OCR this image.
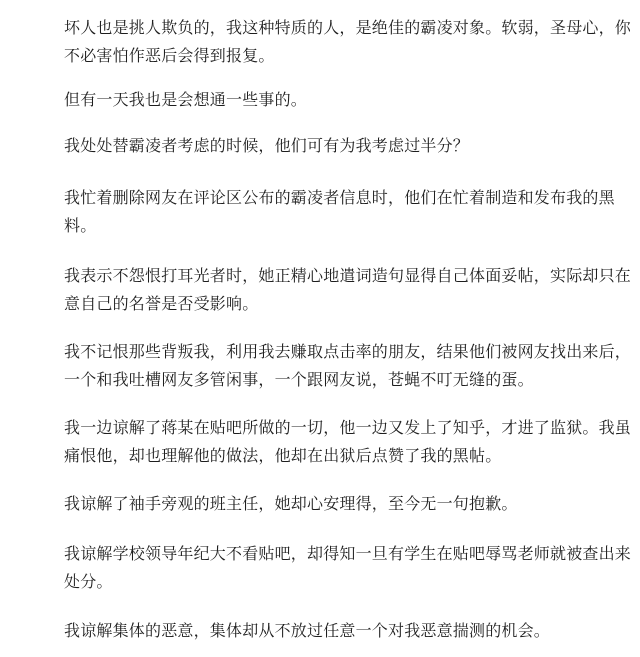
坏人也是挑人欺负的，我这种特质的人，是绝佳的霸凌对象。软弱，圣母心，你
不必害怕作恶后会得到报复。

但有一天我也是会想通一些事的。

我处处替霸凌者考虑的时候，他们可有为我考虑过半分？

我忙着删除网友在评论区公布的霸凌者信息时，他们在忙着制造和发布我的黑
料。

我表示不怨恨打耳光者时，她正精心地遣词造句显得自己体面妥帖，实际却只在
意自己的名誉是否受影响。

我不记恨那些背叛我，利用我去赚取点击率的朋友，结果他们被网友找出来后，
一个和我吐槽网友多管闲事，一个跟网友说，苍蝇不叮无缝的蛋。

我一边谅解了蒋某在贴吧所做的一切，他一边又发上了知乎，才进了监狱。我虽
痛恨他，却也理解他的做法，他却在出狱后点赞了我的黑帖。

我谅解了袖手旁观的班主任，她却心安理得，至今无一句抱歉。

我谅解学校领导年纪大不看贴吧，却得知一旦有学生在贴吧辱骂老师就被查出来
处分。

我谅解集体的恶意，集体却从不放过任意一个对我恶意揣测的机会。
